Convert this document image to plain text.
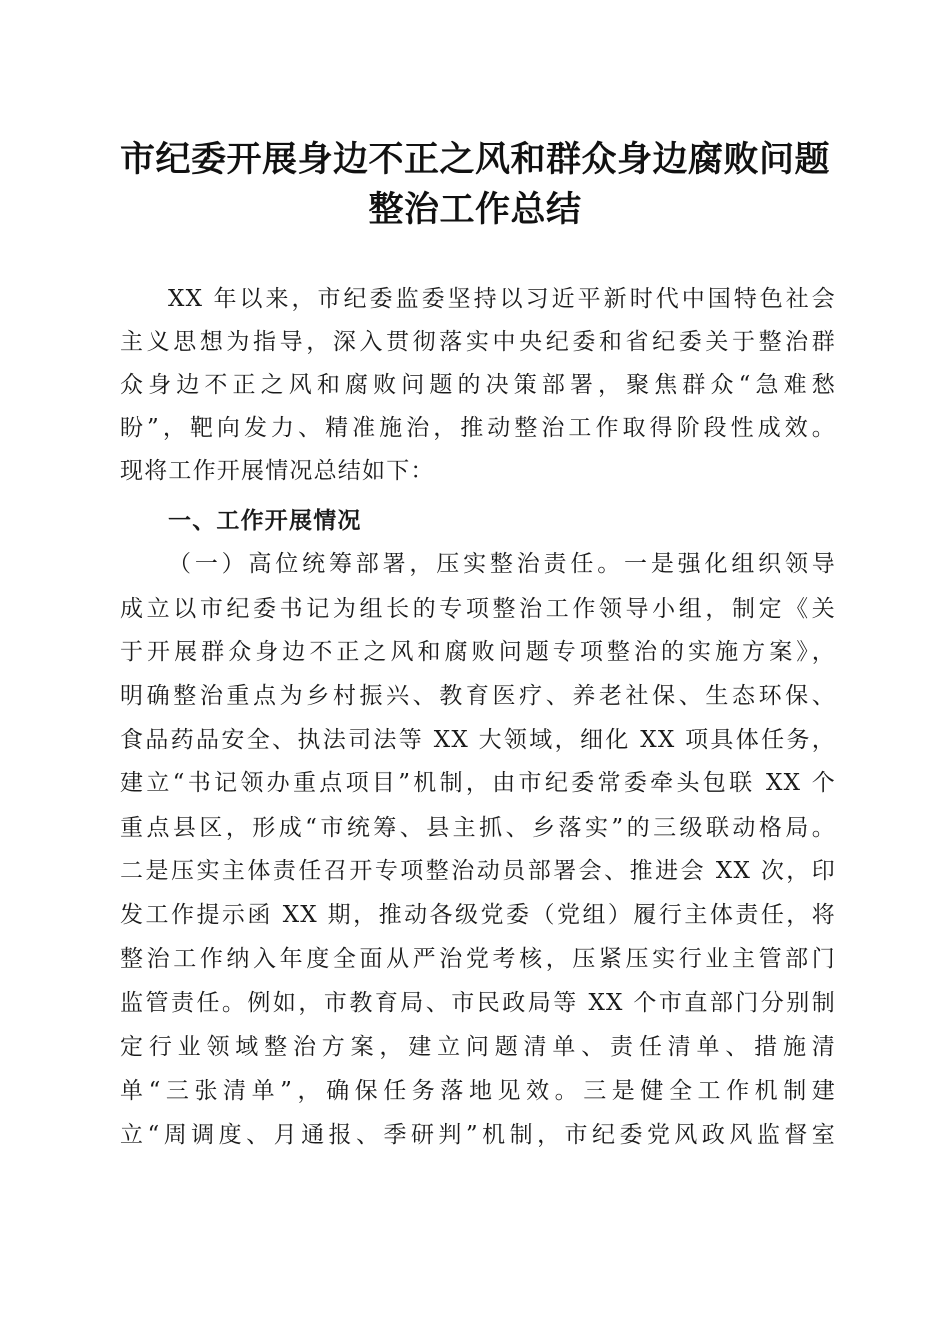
市纪委开展身边不正之风和群众身边腐败问题
整治工作总结

XX 年以来，市纪委监委坚持以习近平新时代中国特色社会

主义思想为指导，深入贯彻落实中央纪委和省纪委关于整治群

众身边不正之风和腐败问题的决策部署，聚焦群众“急难愁

盼”，靶向发力、精准施治，推动整治工作取得阶段性成效。

现将工作开展情况总结如下：

一、工作开展情况

（一）高位统筹部署，压实整治责任。一是强化组织领导

成立以市纪委书记为组长的专项整治工作领导小组，制定《关

于开展群众身边不正之风和腐败问题专项整治的实施方案》，

明确整治重点为乡村振兴、教育医疗、养老社保、生态环保、

食品药品安全、执法司法等 XX 大领域，细化 XX 项具体任务，

建立“书记领办重点项目”机制，由市纪委常委牵头包联 XX 个

重点县区，形成“市统筹、县主抓、乡落实”的三级联动格局。

二是压实主体责任召开专项整治动员部署会、推进会 XX 次，印

发工作提示函 XX 期，推动各级党委（党组）履行主体责任，将

整治工作纳入年度全面从严治党考核，压紧压实行业主管部门

监管责任。例如，市教育局、市民政局等 XX 个市直部门分别制

定行业领域整治方案，建立问题清单、责任清单、措施清

单“三张清单”，确保任务落地见效。三是健全工作机制建

立“周调度、月通报、季研判”机制，市纪委党风政风监督室
